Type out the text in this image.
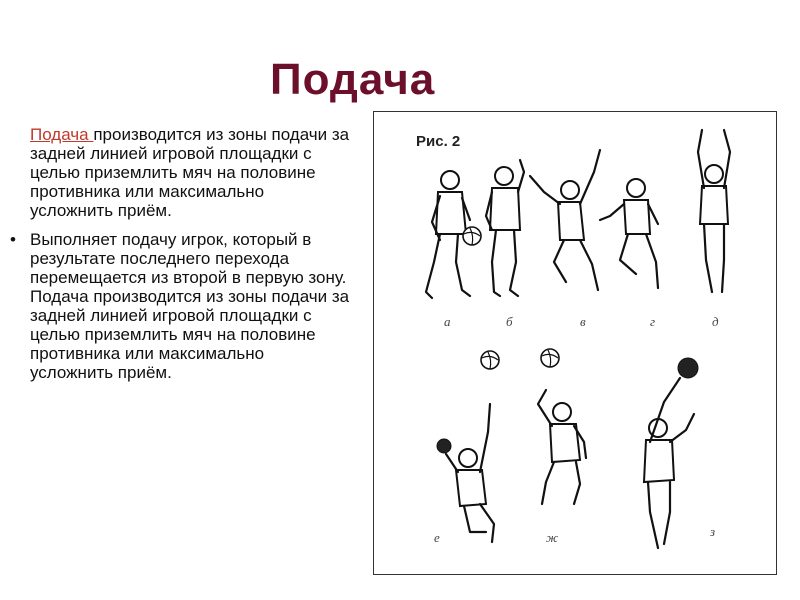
Подача

Подача производится из зоны подачи за задней линией игровой площадки с целью приземлить мяч на половине противника или максимально усложнить приём.

• Выполняет подачу игрок, который в результате последнего перехода перемещается из второй в первую зону. Подача производится из зоны подачи за задней линией игровой площадки с целью приземлить мяч на половине противника или максимально усложнить приём.

Рис. 2
а	б	в	г	д
е	ж	з
